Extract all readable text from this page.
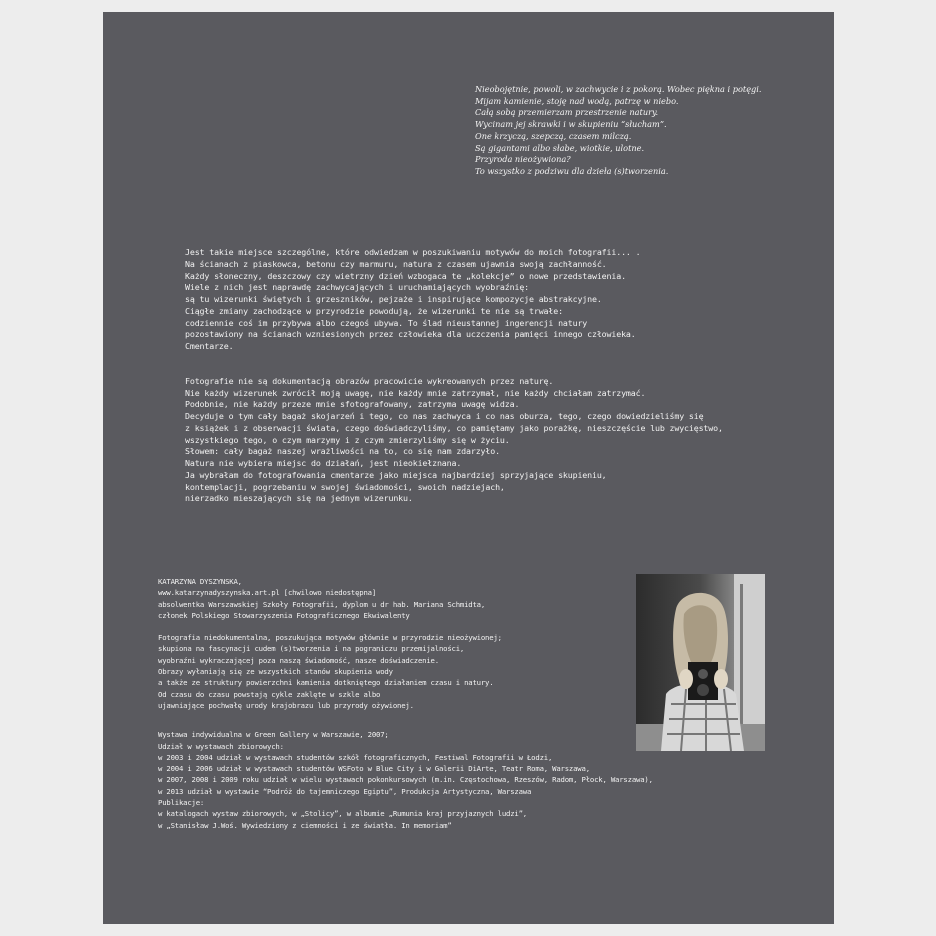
Nieobojętnie, powoli, w zachwycie i z pokorą. Wobec piękna i potęgi.
Mijam kamienie, stoję nad wodą, patrzę w niebo.
Całą sobą przemierzam przestrzenie natury.
Wycinam jej skrawki i w skupieniu “słucham”.
One krzyczą, szepczą, czasem milczą.
Są gigantami albo słabe, wiotkie, ulotne.
Przyroda nieożywiona?
To wszystko z podziwu dla dzieła (s)tworzenia.
Jest takie miejsce szczególne, które odwiedzam w poszukiwaniu motywów do moich fotografii... .
Na ścianach z piaskowca, betonu czy marmuru, natura z czasem ujawnia swoją zachłanność.
Każdy słoneczny, deszczowy czy wietrzny dzień wzbogaca te „kolekcje” o nowe przedstawienia.
Wiele z nich jest naprawdę zachwycających i uruchamiających wyobraźnię:
są tu wizerunki świętych i grzeszników, pejzaże i inspirujące kompozycje abstrakcyjne.
Ciągłe zmiany zachodzące w przyrodzie powodują, że wizerunki te nie są trwałe:
codziennie coś im przybywa albo czegoś ubywa. To ślad nieustannej ingerencji natury
pozostawiony na ścianach wzniesionych przez człowieka dla uczczenia pamięci innego człowieka.
Cmentarze.
Fotografie nie są dokumentacją obrazów pracowicie wykreowanych przez naturę.
Nie każdy wizerunek zwrócił moją uwagę, nie każdy mnie zatrzymał, nie każdy chciałam zatrzymać.
Podobnie, nie każdy przeze mnie sfotografowany, zatrzyma uwagę widza.
Decyduje o tym cały bagaż skojarzeń i tego, co nas zachwyca i co nas oburza, tego, czego dowiedzieliśmy się
z książek i z obserwacji świata, czego doświadczyliśmy, co pamiętamy jako porażkę, nieszczęście lub zwycięstwo,
wszystkiego tego, o czym marzymy i z czym zmierzyliśmy się w życiu.
Słowem: cały bagaż naszej wrażliwości na to, co się nam zdarzyło.
Natura nie wybiera miejsc do działań, jest nieokiełznana.
Ja wybrałam do fotografowania cmentarze jako miejsca najbardziej sprzyjające skupieniu,
kontemplacji, pogrzebaniu w swojej świadomości, swoich nadziejach,
nierzadko mieszających się na jednym wizerunku.
KATARZYNA DYSZYNSKA,
www.katarzynadyszynska.art.pl [chwilowo niedostępna]
absolwentka Warszawskiej Szkoły Fotografii, dyplom u dr hab. Mariana Schmidta,
członek Polskiego Stowarzyszenia Fotograficznego Ekwiwalenty
Fotografia niedokumentalna, poszukująca motywów głównie w przyrodzie nieożywionej;
skupiona na fascynacji cudem (s)tworzenia i na pograniczu przemijalności,
wyobraźni wykraczającej poza naszą świadomość, nasze doświadczenie.
Obrazy wyłaniają się ze wszystkich stanów skupienia wody
a także ze struktury powierzchni kamienia dotkniętego działaniem czasu i natury.
Od czasu do czasu powstają cykle zaklęte w szkle albo
ujawniające pochwałę urody krajobrazu lub przyrody ożywionej.
Wystawa indywidualna w Green Gallery w Warszawie, 2007;
Udział w wystawach zbiorowych:
w 2003 i 2004 udział w wystawach studentów szkół fotograficznych, Festiwal Fotografii w Łodzi,
w 2004 i 2006 udział w wystawach studentów WSFoto w Blue City i w Galerii DiArte, Teatr Roma, Warszawa,
w 2007, 2008 i 2009 roku udział w wielu wystawach pokonkursowych (m.in. Częstochowa, Rzeszów, Radom, Płock, Warszawa),
w 2013 udział w wystawie “Podróż do tajemniczego Egiptu”, Produkcja Artystyczna, Warszawa
Publikacje:
w katalogach wystaw zbiorowych, w „Stolicy”, w albumie „Rumunia kraj przyjaznych ludzi”,
w „Stanisław J.Woś. Wywiedziony z ciemności i ze światła. In memoriam”
